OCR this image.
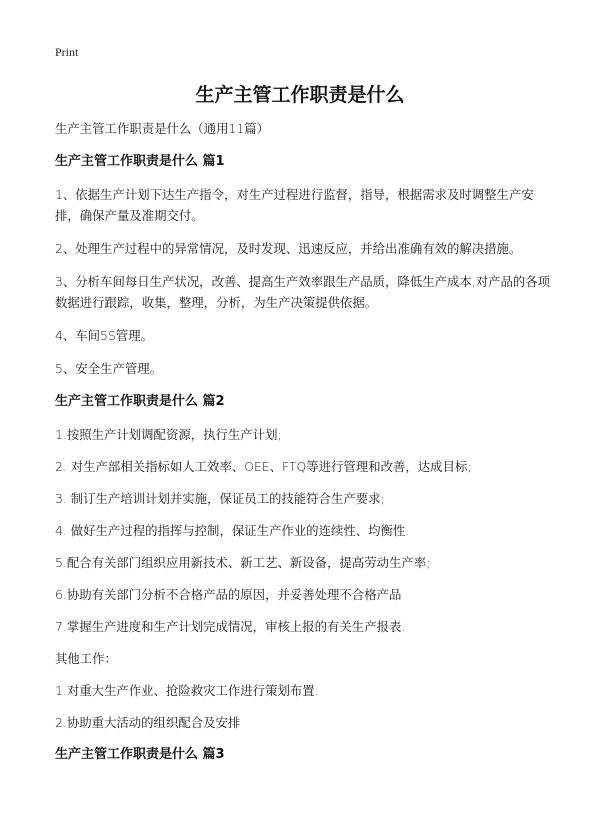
Print
生产主管工作职责是什么

生产主管工作职责是什么（通用11篇）

生产主管工作职责是什么 篇1

1、依据生产计划下达生产指令，对生产过程进行监督，指导，根据需求及时调整生产安排，确保产量及准期交付。

2、处理生产过程中的异常情况，及时发现、迅速反应，并给出准确有效的解决措施。

3、分析车间每日生产状况，改善、提高生产效率跟生产品质，降低生产成本,对产品的各项数据进行跟踪，收集，整理，分析，为生产决策提供依据。

4、车间5S管理。

5、安全生产管理。

生产主管工作职责是什么 篇2

1.按照生产计划调配资源，执行生产计划;

2. 对生产部相关指标如人工效率、OEE、FTQ等进行管理和改善，达成目标;

3. 制订生产培训计划并实施，保证员工的技能符合生产要求;

4. 做好生产过程的指挥与控制，保证生产作业的连续性、均衡性.

5.配合有关部门组织应用新技术、新工艺、新设备，提高劳动生产率;

6.协助有关部门分析不合格产品的原因，并妥善处理不合格产品

7.掌握生产进度和生产计划完成情况，审核上报的有关生产报表.

其他工作：

1.对重大生产作业、抢险救灾工作进行策划布置.

2.协助重大活动的组织配合及安排

生产主管工作职责是什么 篇3
